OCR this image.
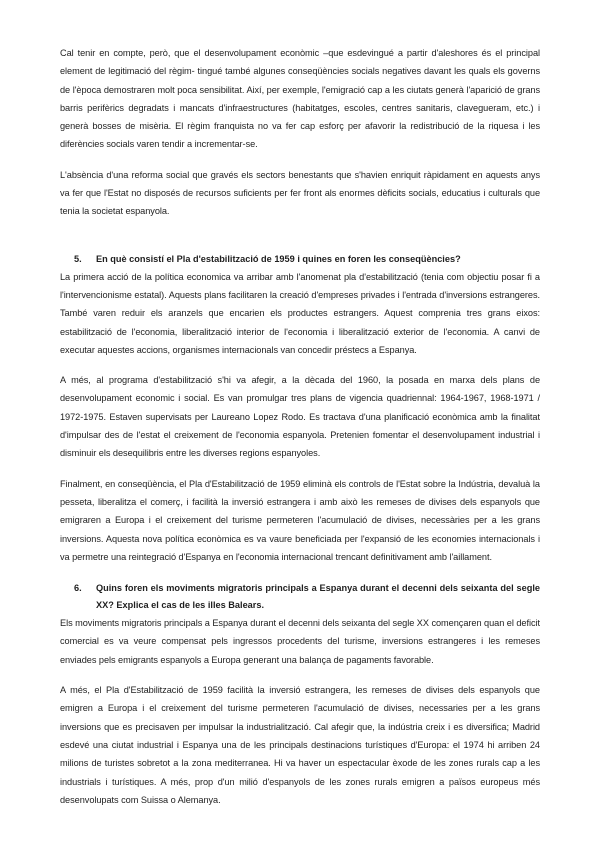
Cal tenir en compte, però, que el desenvolupament econòmic –que esdevingué a partir d'aleshores és el principal element de legitimació del règim- tingué també algunes conseqüències socials negatives davant les quals els governs de l'època demostraren molt poca sensibilitat. Així, per exemple, l'emigració cap a les ciutats generà l'aparició de grans barris perifèrics degradats i mancats d'infraestructures (habitatges, escoles, centres sanitaris, clavegueram, etc.) i generà bosses de misèria. El règim franquista no va fer cap esforç per afavorir la redistribució de la riquesa i les diferències socials varen tendir a incrementar-se.

L'absència d'una reforma social que gravés els sectors benestants que s'havien enriquit ràpidament en aquests anys va fer que l'Estat no disposés de recursos suficients per fer front als enormes dèficits socials, educatius i culturals que tenia la societat espanyola.

5.	En què consistí el Pla d'estabilització de 1959 i quines en foren les conseqüències?

La primera acció de la política economica va arribar amb l'anomenat pla d'estabilització (tenia com objectiu posar fi a l'intervencionisme estatal). Aquests plans facilitaren la creació d'empreses privades i l'entrada d'inversions estrangeres. També varen reduir els aranzels que encarien els productes estrangers. Aquest comprenia tres grans eixos: estabilització de l'economia, liberalització interior de l'economia i liberalització exterior de l'economia. A canvi de executar aquestes accions, organismes internacionals van concedir préstecs a Espanya.

A més, al programa d'estabilització s'hi va afegir, a la dècada del 1960, la posada en marxa dels plans de desenvolupament economic i social. Es van promulgar tres plans de vigencia quadriennal: 1964-1967, 1968-1971 / 1972-1975. Estaven supervisats per Laureano Lopez Rodo. Es tractava d'una planificació econòmica amb la finalitat d'impulsar des de l'estat el creixement de l'economia espanyola. Pretenien fomentar el desenvolupament industrial i disminuir els desequilibris entre les diverses regions espanyoles.

Finalment, en conseqüència, el Pla d'Estabilització de 1959 eliminà els controls de l'Estat sobre la Indústria, devaluà la pesseta, liberalitza el comerç, i facilità la inversió estrangera i amb això les remeses de divises dels espanyols que emigraren a Europa i el creixement del turisme permeteren l'acumulació de divises, necessàries per a les grans inversions. Aquesta nova política econòmica es va vaure beneficiada per l'expansió de les economies internacionals i va permetre una reintegració d'Espanya en l'economia internacional trencant definitivament amb l'aillament.

6.	Quins foren els moviments migratoris principals a Espanya durant el decenni dels seixanta del segle XX? Explica el cas de les illes Balears.

Els moviments migratoris principals a Espanya durant el decenni dels seixanta del segle XX començaren quan el deficit comercial es va veure compensat pels ingressos procedents del turisme, inversions estrangeres i les remeses enviades pels emigrants espanyols a Europa generant una balança de pagaments favorable.

A més, el Pla d'Estabilització de 1959 facilità la inversió estrangera, les remeses de divises dels espanyols que emigren a Europa i el creixement del turisme permeteren l'acumulació de divises, necessaries per a les grans inversions que es precisaven per impulsar la industrialització. Cal afegir que, la indústria creix i es diversifica; Madrid esdevé una ciutat industrial i Espanya una de les principals destinacions turístiques d'Europa: el 1974 hi arriben 24 milions de turistes sobretot a la zona mediterranea. Hi va haver un espectacular èxode de les zones rurals cap a les industrials i turístiques. A més, prop d'un milió d'espanyols de les zones rurals emigren a països europeus més desenvolupats com Suissa o Alemanya.
